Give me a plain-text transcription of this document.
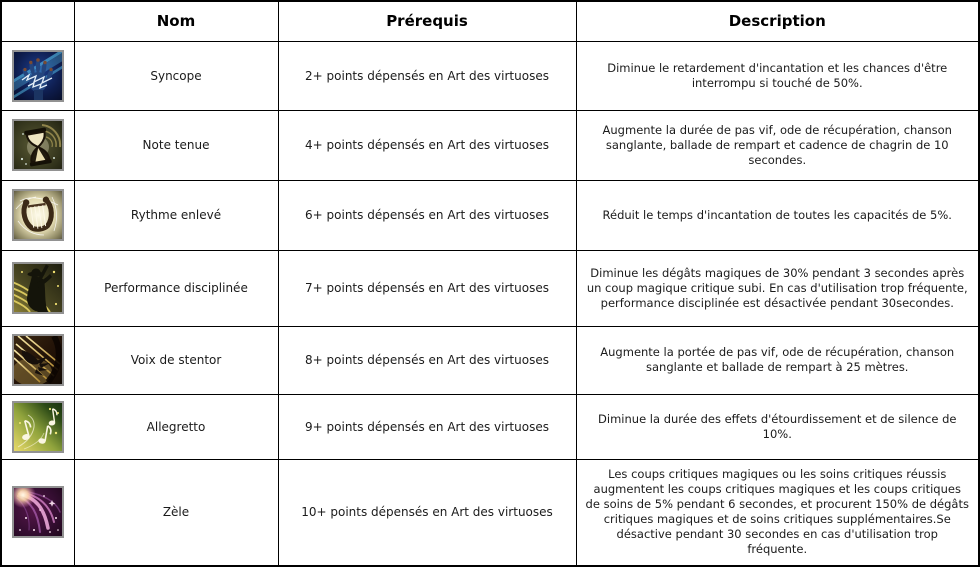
	Nom	Prérequis	Description

	Syncope	2+ points dépensés en Art des virtuoses	Diminue le retardement d'incantation et les chances d'être interrompu si touché de 50%.

	Note tenue	4+ points dépensés en Art des virtuoses	Augmente la durée de pas vif, ode de récupération, chanson sanglante, ballade de rempart et cadence de chagrin de 10 secondes.

	Rythme enlevé	6+ points dépensés en Art des virtuoses	Réduit le temps d'incantation de toutes les capacités de 5%.

	Performance disciplinée	7+ points dépensés en Art des virtuoses	Diminue les dégâts magiques de 30% pendant 3 secondes après un coup magique critique subi. En cas d'utilisation trop fréquente, performance disciplinée est désactivée pendant 30secondes.

	Voix de stentor	8+ points dépensés en Art des virtuoses	Augmente la portée de pas vif, ode de récupération, chanson sanglante et ballade de rempart à 25 mètres.

	Allegretto	9+ points dépensés en Art des virtuoses	Diminue la durée des effets d'étourdissement et de silence de 10%.

	Zèle	10+ points dépensés en Art des virtuoses	Les coups critiques magiques ou les soins critiques réussis augmentent les coups critiques magiques et les coups critiques de soins de 5% pendant 6 secondes, et procurent 150% de dégâts critiques magiques et de soins critiques supplémentaires.Se désactive pendant 30 secondes en cas d'utilisation trop fréquente.
